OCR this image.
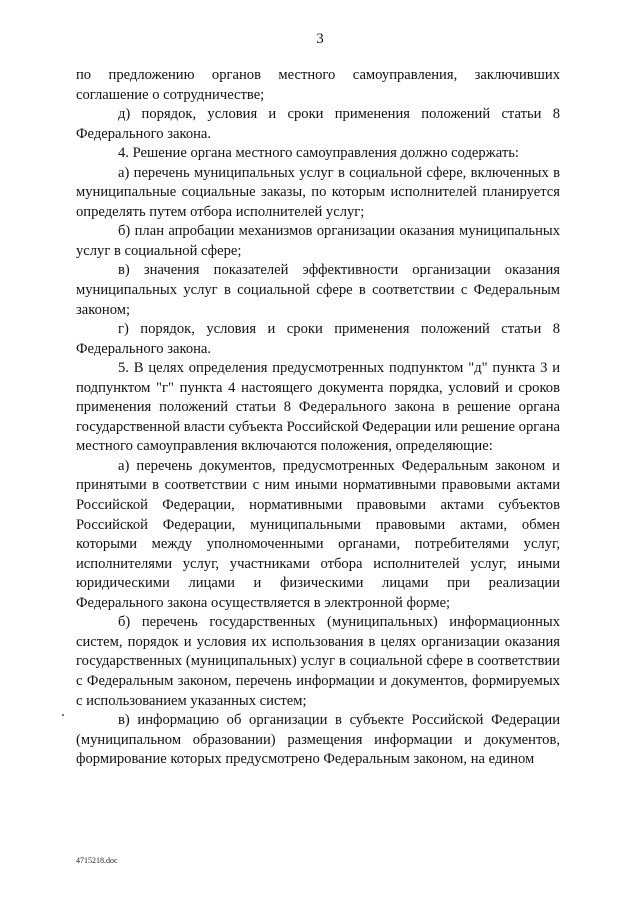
3

по предложению органов местного самоуправления, заключивших соглашение о сотрудничестве;

д) порядок, условия и сроки применения положений статьи 8 Федерального закона.

4. Решение органа местного самоуправления должно содержать:

а) перечень муниципальных услуг в социальной сфере, включенных в муниципальные социальные заказы, по которым исполнителей планируется определять путем отбора исполнителей услуг;

б) план апробации механизмов организации оказания муниципальных услуг в социальной сфере;

в) значения показателей эффективности организации оказания муниципальных услуг в социальной сфере в соответствии с Федеральным законом;

г) порядок, условия и сроки применения положений статьи 8 Федерального закона.

5. В целях определения предусмотренных подпунктом "д" пункта 3 и подпунктом "г" пункта 4 настоящего документа порядка, условий и сроков применения положений статьи 8 Федерального закона в решение органа государственной власти субъекта Российской Федерации или решение органа местного самоуправления включаются положения, определяющие:

а) перечень документов, предусмотренных Федеральным законом и принятыми в соответствии с ним иными нормативными правовыми актами Российской Федерации, нормативными правовыми актами субъектов Российской Федерации, муниципальными правовыми актами, обмен которыми между уполномоченными органами, потребителями услуг, исполнителями услуг, участниками отбора исполнителей услуг, иными юридическими лицами и физическими лицами при реализации Федерального закона осуществляется в электронной форме;

б) перечень государственных (муниципальных) информационных систем, порядок и условия их использования в целях организации оказания государственных (муниципальных) услуг в социальной сфере в соответствии с Федеральным законом, перечень информации и документов, формируемых с использованием указанных систем;

в) информацию об организации в субъекте Российской Федерации (муниципальном образовании) размещения информации и документов, формирование которых предусмотрено Федеральным законом, на едином

4715218.doc
